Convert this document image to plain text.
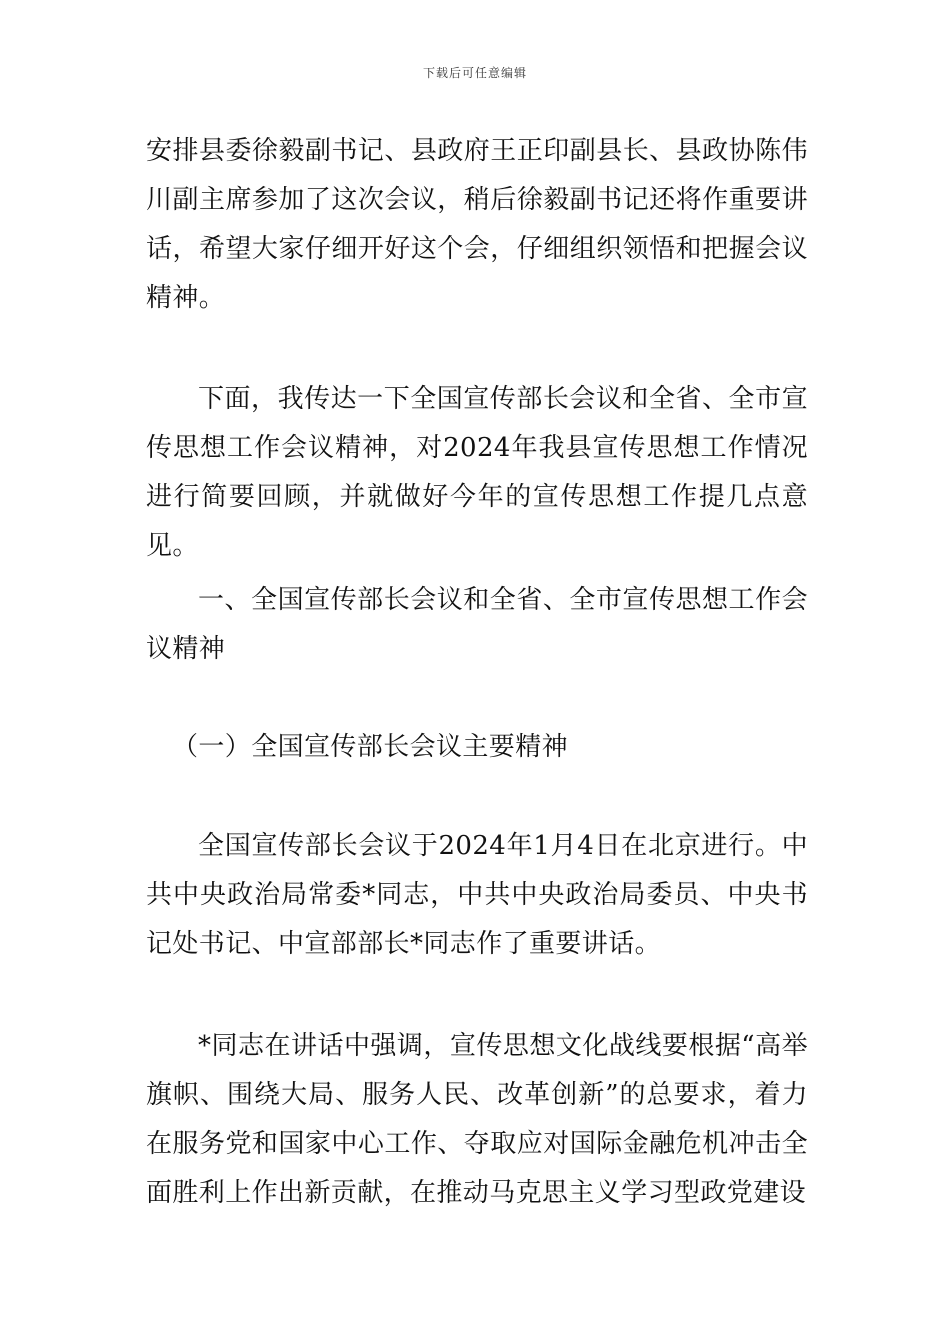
下载后可任意编辑

安排县委徐毅副书记、县政府王正印副县长、县政协陈伟川副主席参加了这次会议，稍后徐毅副书记还将作重要讲话，希望大家仔细开好这个会，仔细组织领悟和把握会议精神。

下面，我传达一下全国宣传部长会议和全省、全市宣传思想工作会议精神，对2024年我县宣传思想工作情况进行简要回顾，并就做好今年的宣传思想工作提几点意见。

一、全国宣传部长会议和全省、全市宣传思想工作会议精神

（一）全国宣传部长会议主要精神

全国宣传部长会议于2024年1月4日在北京进行。中共中央政治局常委*同志，中共中央政治局委员、中央书记处书记、中宣部部长*同志作了重要讲话。

*同志在讲话中强调，宣传思想文化战线要根据“高举旗帜、围绕大局、服务人民、改革创新”的总要求，着力在服务党和国家中心工作、夺取应对国际金融危机冲击全面胜利上作出新贡献，在推动马克思主义学习型政党建设
